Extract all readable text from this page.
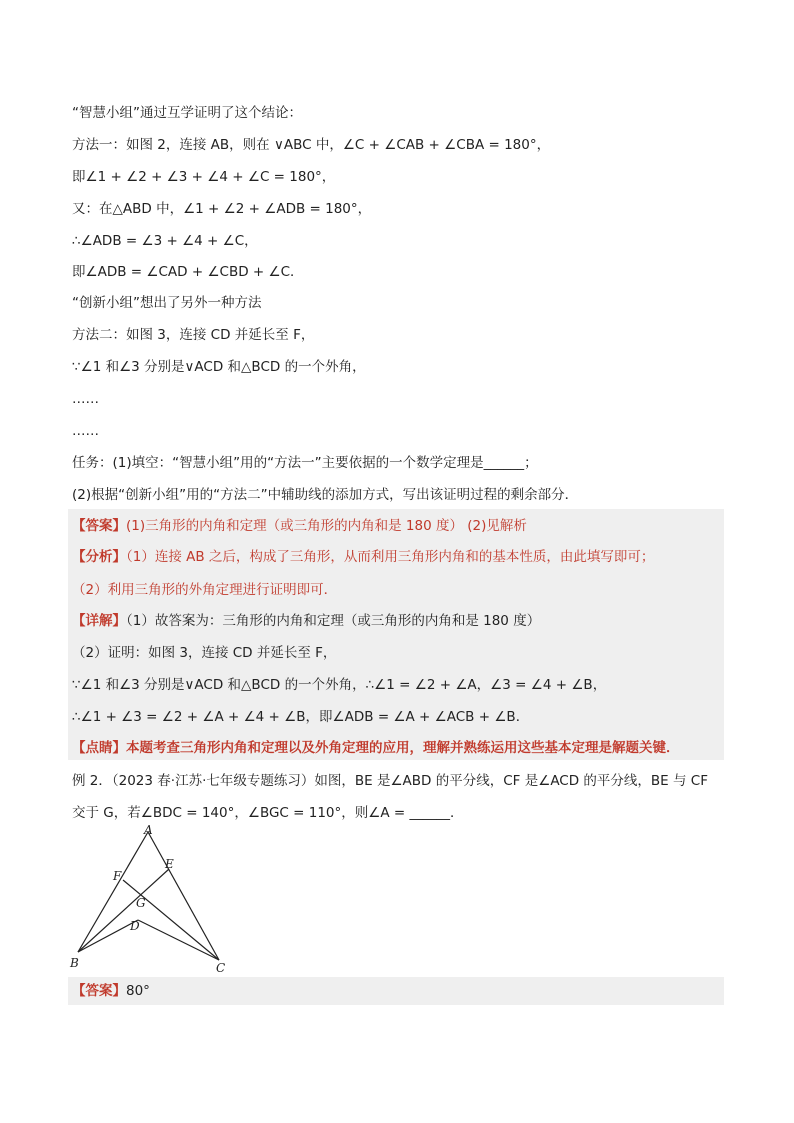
“智慧小组”通过互学证明了这个结论：
方法一：如图 2，连接 AB，则在 ∨ABC 中，∠C + ∠CAB + ∠CBA = 180°，
即∠1 + ∠2 + ∠3 + ∠4 + ∠C = 180°，
又：在△ABD 中，∠1 + ∠2 + ∠ADB = 180°，
∴∠ADB = ∠3 + ∠4 + ∠C，
即∠ADB = ∠CAD + ∠CBD + ∠C．
“创新小组”想出了另外一种方法
方法二：如图 3，连接 CD 并延长至 F，
∵∠1 和∠3 分别是∨ACD 和△BCD 的一个外角，
……
……
任务：(1)填空：“智慧小组”用的“方法一”主要依据的一个数学定理是______；
(2)根据“创新小组”用的“方法二”中辅助线的添加方式，写出该证明过程的剩余部分．
【答案】(1)三角形的内角和定理（或三角形的内角和是 180 度） (2)见解析
【分析】（1）连接 AB 之后，构成了三角形，从而利用三角形内角和的基本性质，由此填写即可；
（2）利用三角形的外角定理进行证明即可．
【详解】（1）故答案为：三角形的内角和定理（或三角形的内角和是 180 度）
（2）证明：如图 3，连接 CD 并延长至 F，
∵∠1 和∠3 分别是∨ACD 和△BCD 的一个外角，∴∠1 = ∠2 + ∠A，∠3 = ∠4 + ∠B，
∴∠1 + ∠3 = ∠2 + ∠A + ∠4 + ∠B，即∠ADB = ∠A + ∠ACB + ∠B．
【点睛】本题考查三角形内角和定理以及外角定理的应用，理解并熟练运用这些基本定理是解题关键．
例 2．（2023 春·江苏·七年级专题练习）如图，BE 是∠ABD 的平分线，CF 是∠ACD 的平分线，BE 与 CF
交于 G，若∠BDC = 140°，∠BGC = 110°，则∠A = ______．
A
B	C
D
E
F
G
【答案】80°
